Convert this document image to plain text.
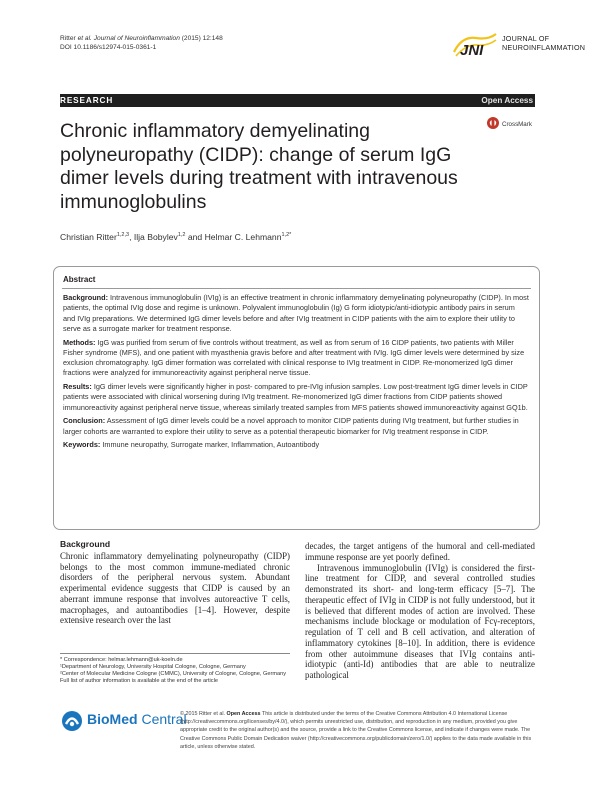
Ritter et al. Journal of Neuroinflammation (2015) 12:148
DOI 10.1186/s12974-015-0361-1	JNI
JOURNAL OF
NEUROINFLAMMATION
RESEARCH	Open Access
Chronic inflammatory demyelinating polyneuropathy (CIDP): change of serum IgG dimer levels during treatment with intravenous immunoglobulins
CrossMark
Christian Ritter$^{1,2,3}$, Ilja Bobylev$^{1,2}$ and Helmar C. Lehmann$^{1,2*}$
Abstract

Background: Intravenous immunoglobulin (IVIg) is an effective treatment in chronic inflammatory demyelinating polyneuropathy (CIDP). In most patients, the optimal IVIg dose and regime is unknown. Polyvalent immunoglobulin (Ig) G form idiotypic/anti-idiotypic antibody pairs in serum and IVIg preparations. We determined IgG dimer levels before and after IVIg treatment in CIDP patients with the aim to explore their utility to serve as a surrogate marker for treatment response.

Methods: IgG was purified from serum of five controls without treatment, as well as from serum of 16 CIDP patients, two patients with Miller Fisher syndrome (MFS), and one patient with myasthenia gravis before and after treatment with IVIg. IgG dimer levels were determined by size exclusion chromatography. IgG dimer formation was correlated with clinical response to IVIg treatment in CIDP. Re-monomerized IgG dimer fractions were analyzed for immunoreactivity against peripheral nerve tissue.

Results: IgG dimer levels were significantly higher in post- compared to pre-IVIg infusion samples. Low post-treatment IgG dimer levels in CIDP patients were associated with clinical worsening during IVIg treatment. Re-monomerized IgG dimer fractions from CIDP patients showed immunoreactivity against peripheral nerve tissue, whereas similarly treated samples from MFS patients showed immunoreactivity against GQ1b.

Conclusion: Assessment of IgG dimer levels could be a novel approach to monitor CIDP patients during IVIg treatment, but further studies in larger cohorts are warranted to explore their utility to serve as a potential therapeutic biomarker for IVIg treatment response in CIDP.

Keywords: Immune neuropathy, Surrogate marker, Inflammation, Autoantibody

Background

Chronic inflammatory demyelinating polyneuropathy (CIDP) belongs to the most common immune-mediated chronic disorders of the peripheral nervous system. Abundant experimental evidence suggests that CIDP is caused by an aberrant immune response that involves autoreactive T cells, macrophages, and autoantibodies [1–4]. However, despite extensive research over the last

decades, the target antigens of the humoral and cell-mediated immune response are yet poorly defined.

Intravenous immunoglobulin (IVIg) is considered the first-line treatment for CIDP, and several controlled studies demonstrated its short- and long-term efficacy [5–7]. The therapeutic effect of IVIg in CIDP is not fully understood, but it is believed that different modes of action are involved. These mechanisms include blockage or modulation of Fcγ-receptors, regulation of T cell and B cell activation, and alteration of inflammatory cytokines [8–10]. In addition, there is evidence from other autoimmune diseases that IVIg contains anti-idiotypic (anti-Id) antibodies that are able to neutralize pathological

* Correspondence: helmar.lehmann@uk-koeln.de

¹Department of Neurology, University Hospital Cologne, Cologne, Germany

²Center of Molecular Medicine Cologne (CMMC), University of Cologne, Cologne, Germany

Full list of author information is available at the end of the article

BioMed Central
© 2015 Ritter et al. Open Access This article is distributed under the terms of the Creative Commons Attribution 4.0 International License (http://creativecommons.org/licenses/by/4.0/), which permits unrestricted use, distribution, and reproduction in any medium, provided you give appropriate credit to the original author(s) and the source, provide a link to the Creative Commons license, and indicate if changes were made. The Creative Commons Public Domain Dedication waiver (http://creativecommons.org/publicdomain/zero/1.0/) applies to the data made available in this article, unless otherwise stated.
